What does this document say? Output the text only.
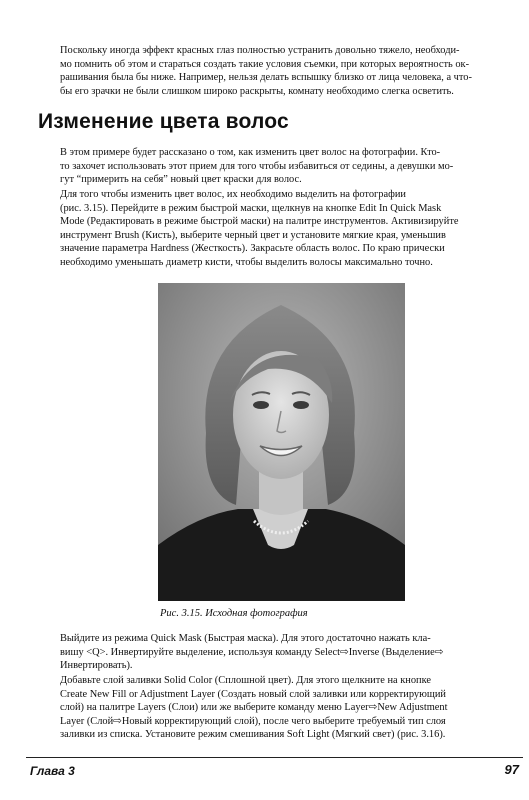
Поскольку иногда эффект красных глаз полностью устранить довольно тяжело, необходи-
мо помнить об этом и стараться создать такие условия съемки, при которых вероятность ок-
рашивания была бы ниже. Например, нельзя делать вспышку близко от лица человека, а что-
бы его зрачки не были слишком широко раскрыты, комнату необходимо слегка осветить.
Изменение цвета волос
В этом примере будет рассказано о том, как изменить цвет волос на фотографии. Кто-
то захочет использовать этот прием для того чтобы избавиться от седины, а девушки мо-
гут “примерить на себя” новый цвет краски для волос.
Для того чтобы изменить цвет волос, их необходимо выделить на фотографии
(рис. 3.15). Перейдите в режим быстрой маски, щелкнув на кнопке Edit In Quick Mask
Mode (Редактировать в режиме быстрой маски) на палитре инструментов. Активизируйте
инструмент Brush (Кисть), выберите черный цвет и установите мягкие края, уменьшив
значение параметра Hardness (Жесткость). Закрасьте область волос. По краю прически
необходимо уменьшать диаметр кисти, чтобы выделить волосы максимально точно.
Рис. 3.15. Исходная фотография
Выйдите из режима Quick Mask (Быстрая маска). Для этого достаточно нажать кла-
вишу <Q>. Инвертируйте выделение, используя команду Select⇨Inverse (Выделение⇨
Инвертировать).
Добавьте слой заливки Solid Color (Сплошной цвет). Для этого щелкните на кнопке
Create New Fill or Adjustment Layer (Создать новый слой заливки или корректирующий
слой) на палитре Layers (Слои) или же выберите команду меню Layer⇨New Adjustment
Layer (Слой⇨Новый корректирующий слой), после чего выберите требуемый тип слоя
заливки из списка. Установите режим смешивания Soft Light (Мягкий свет) (рис. 3.16).
Глава 3	97
